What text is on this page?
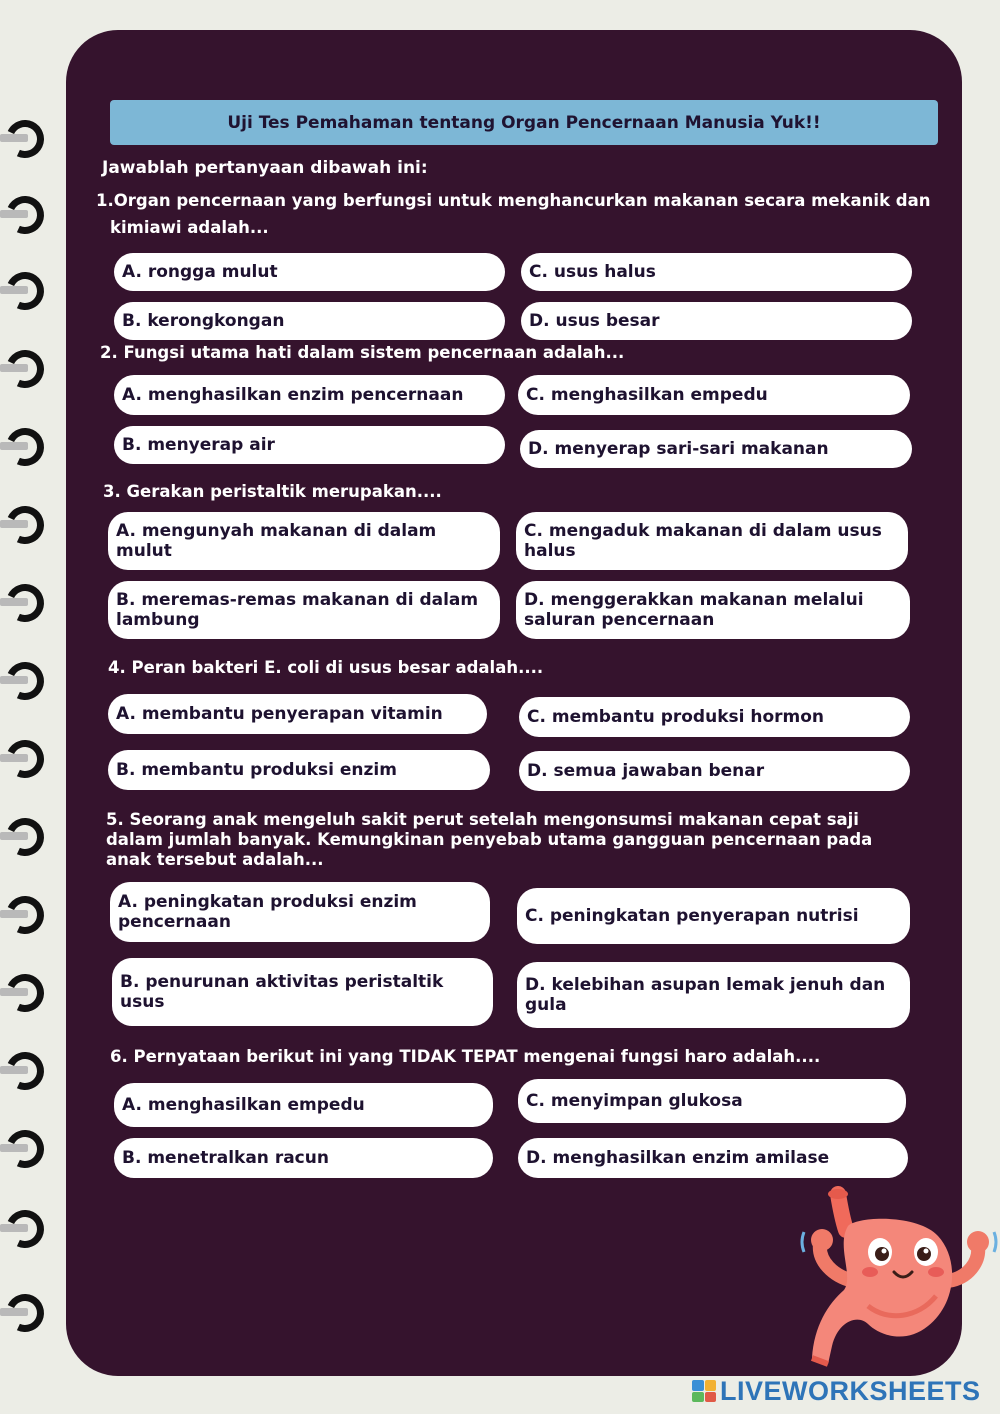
Uji Tes Pemahaman tentang Organ Pencernaan Manusia Yuk!!
Jawablah pertanyaan dibawah ini:
1.Organ pencernaan yang berfungsi untuk menghancurkan makanan secara mekanik dan
kimiawi adalah...
A. rongga mulut	C. usus halus
B. kerongkongan	D. usus besar
2. Fungsi utama hati dalam sistem pencernaan adalah...
A. menghasilkan enzim pencernaan	C. menghasilkan empedu
B. menyerap air	D. menyerap sari-sari makanan
3. Gerakan peristaltik merupakan....
A. mengunyah makanan di dalam
mulut
C. mengaduk makanan di dalam usus
halus
B. meremas-remas makanan di dalam
lambung
D. menggerakkan makanan melalui
saluran pencernaan
4. Peran bakteri E. coli di usus besar adalah....
A. membantu penyerapan vitamin	C. membantu produksi hormon
B. membantu produksi enzim	D. semua jawaban benar
5. Seorang anak mengeluh sakit perut setelah mengonsumsi makanan cepat saji
dalam jumlah banyak. Kemungkinan penyebab utama gangguan pencernaan pada
anak tersebut adalah...
A. peningkatan produksi enzim
pencernaan	C. peningkatan penyerapan nutrisi
B. penurunan aktivitas peristaltik
usus
D. kelebihan asupan lemak jenuh dan
gula
6. Pernyataan berikut ini yang TIDAK TEPAT mengenai fungsi haro adalah....
A. menghasilkan empedu	C. menyimpan glukosa
B. menetralkan racun	D. menghasilkan enzim amilase
LIVEWORKSHEETS
